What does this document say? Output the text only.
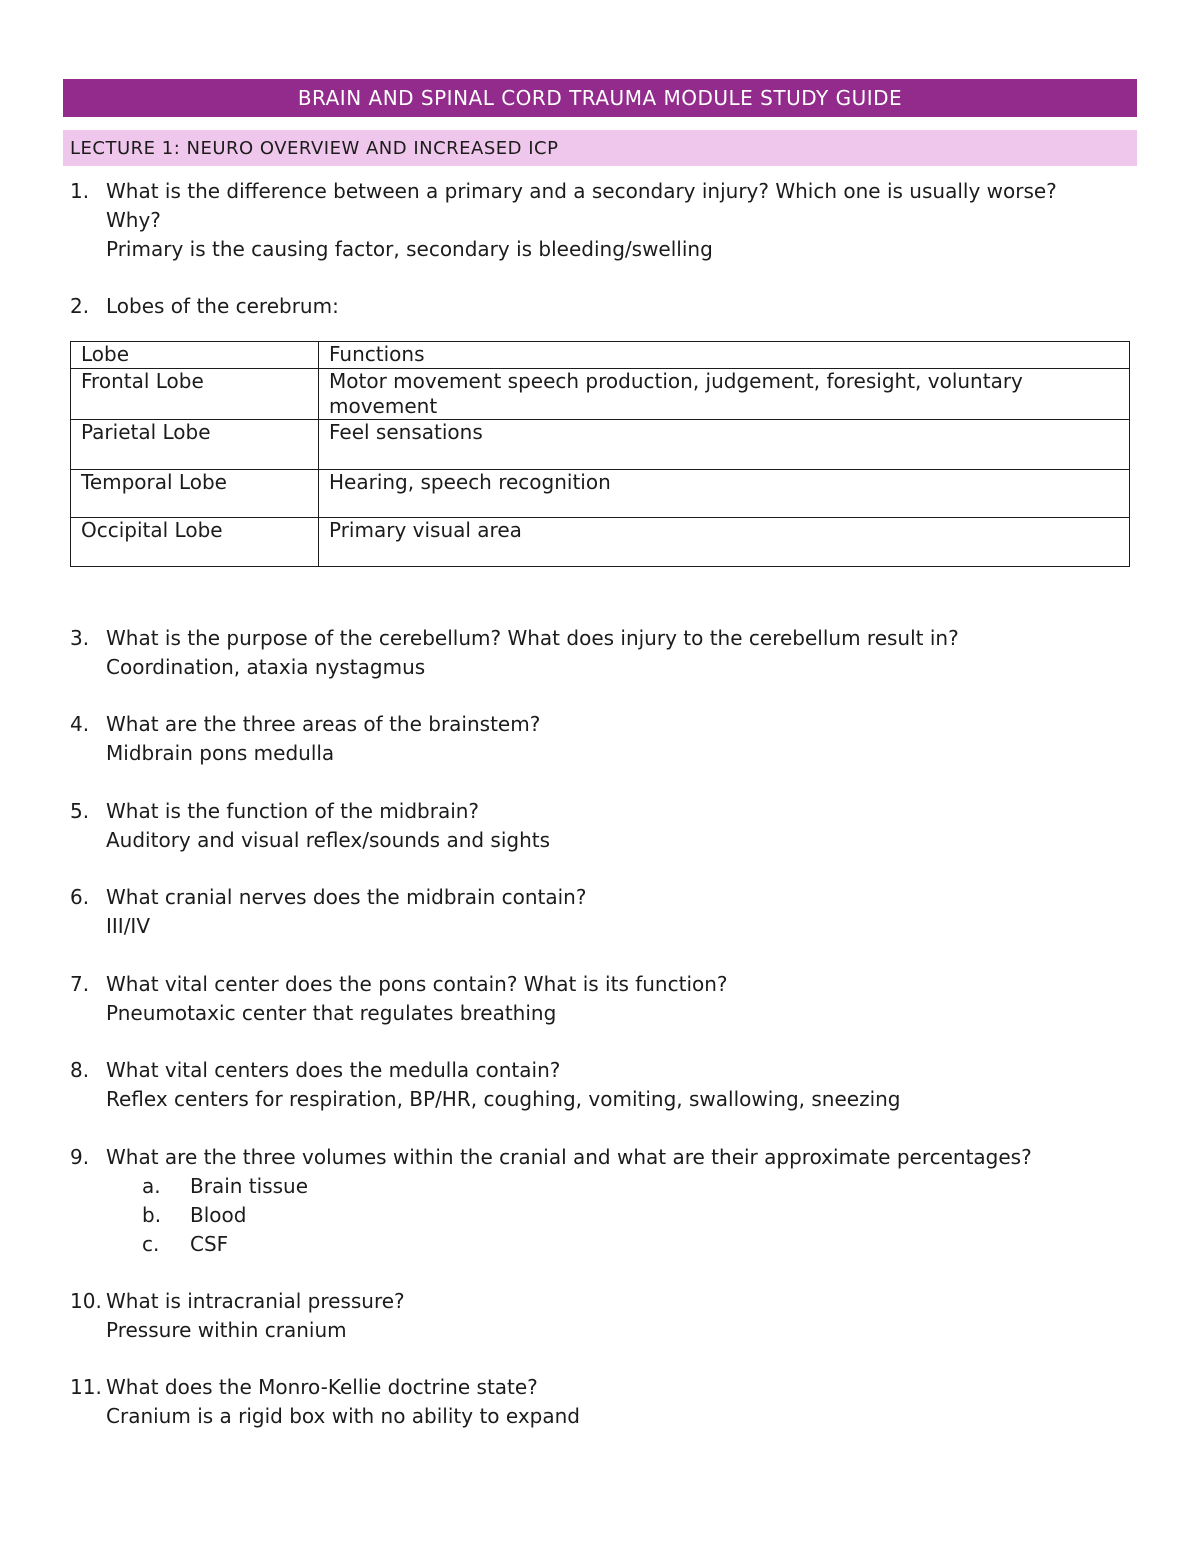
BRAIN AND SPINAL CORD TRAUMA MODULE STUDY GUIDE
LECTURE 1: NEURO OVERVIEW AND INCREASED ICP
1. What is the difference between a primary and a secondary injury? Which one is usually worse? Why?
Primary is the causing factor, secondary is bleeding/swelling
2. Lobes of the cerebrum:
Lobe	Functions
Frontal Lobe	Motor movement speech production, judgement, foresight, voluntary movement
Parietal Lobe	Feel sensations
Temporal Lobe	Hearing, speech recognition
Occipital Lobe	Primary visual area
3. What is the purpose of the cerebellum? What does injury to the cerebellum result in?
Coordination, ataxia nystagmus
4. What are the three areas of the brainstem?
Midbrain pons medulla
5. What is the function of the midbrain?
Auditory and visual reflex/sounds and sights
6. What cranial nerves does the midbrain contain?
III/IV
7. What vital center does the pons contain? What is its function?
Pneumotaxic center that regulates breathing
8. What vital centers does the medulla contain?
Reflex centers for respiration, BP/HR, coughing, vomiting, swallowing, sneezing
9. What are the three volumes within the cranial and what are their approximate percentages?
a. Brain tissue
b. Blood
c. CSF
10. What is intracranial pressure?
Pressure within cranium
11. What does the Monro-Kellie doctrine state?
Cranium is a rigid box with no ability to expand
